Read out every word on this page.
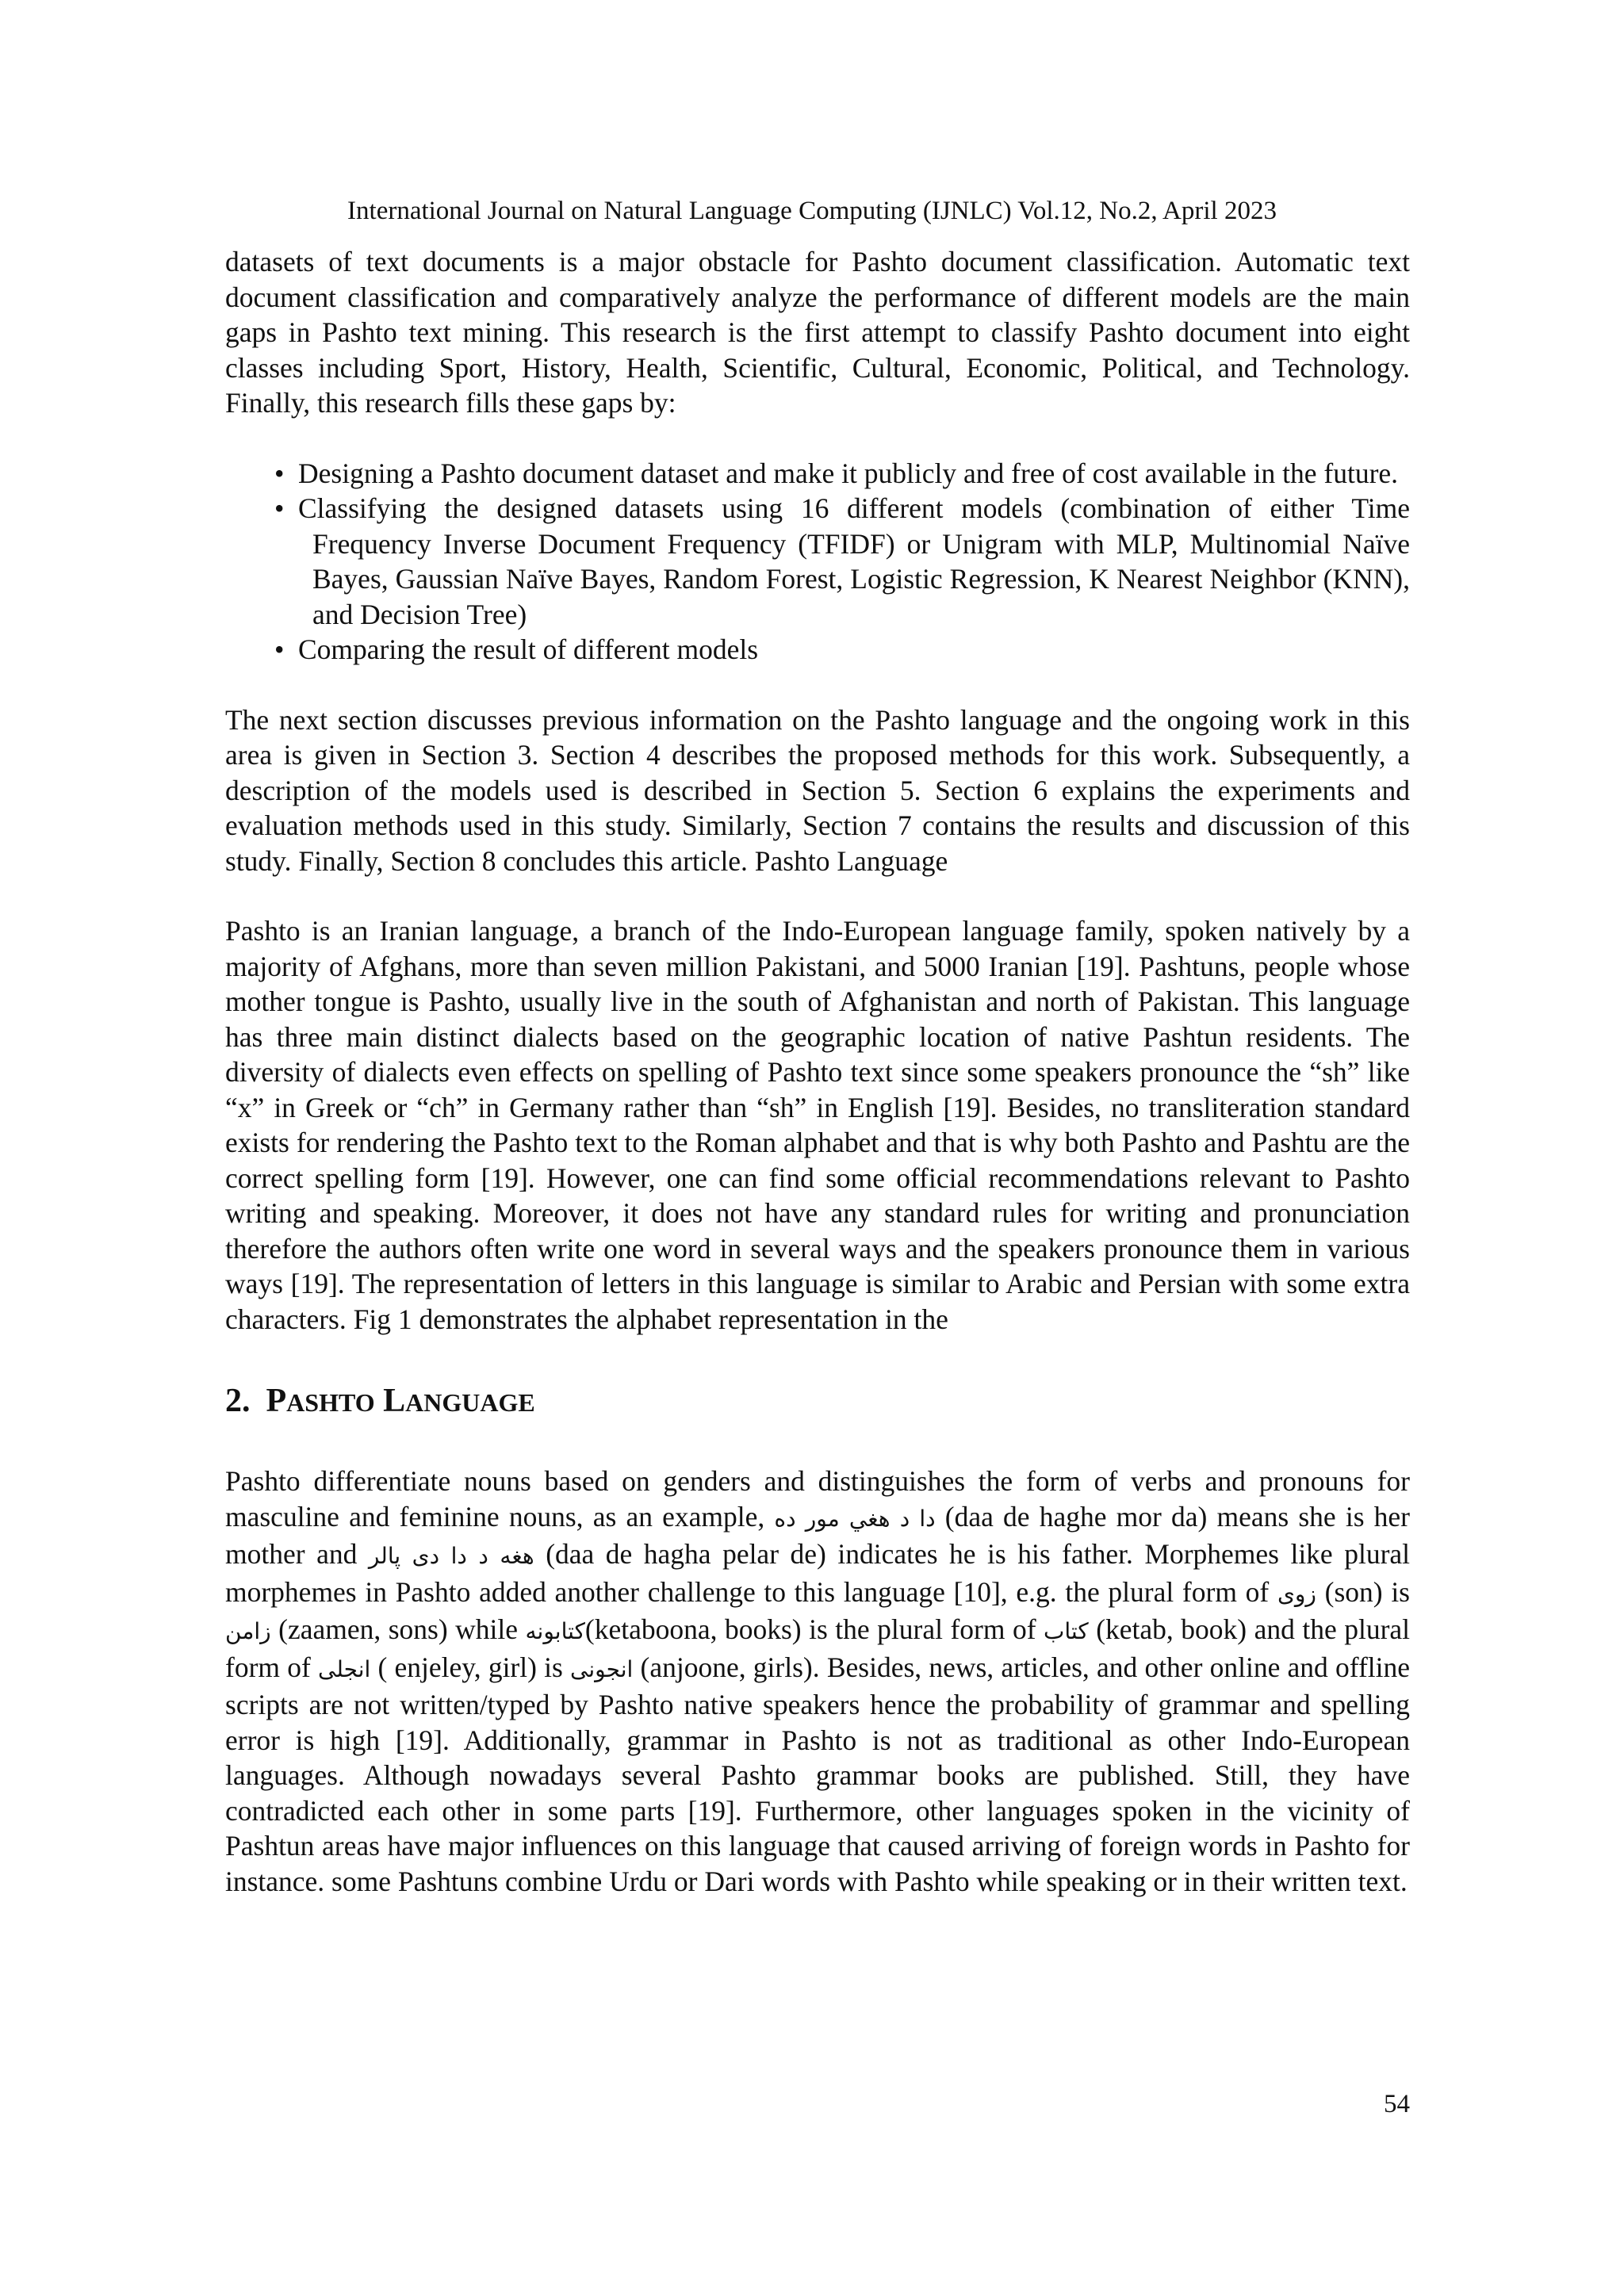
International Journal on Natural Language Computing (IJNLC) Vol.12, No.2, April 2023

datasets of text documents is a major obstacle for Pashto document classification. Automatic text document classification and comparatively analyze the performance of different models are the main gaps in Pashto text mining. This research is the first attempt to classify Pashto document into eight classes including Sport, History, Health, Scientific, Cultural, Economic, Political, and Technology. Finally, this research fills these gaps by:

• Designing a Pashto document dataset and make it publicly and free of cost available in the future.
• Classifying the designed datasets using 16 different models (combination of either Time Frequency Inverse Document Frequency (TFIDF) or Unigram with MLP, Multinomial Naïve Bayes, Gaussian Naïve Bayes, Random Forest, Logistic Regression, K Nearest Neighbor (KNN), and Decision Tree)
• Comparing the result of different models

The next section discusses previous information on the Pashto language and the ongoing work in this area is given in Section 3. Section 4 describes the proposed methods for this work. Subsequently, a description of the models used is described in Section 5. Section 6 explains the experiments and evaluation methods used in this study. Similarly, Section 7 contains the results and discussion of this study. Finally, Section 8 concludes this article. Pashto Language

Pashto is an Iranian language, a branch of the Indo-European language family, spoken natively by a majority of Afghans, more than seven million Pakistani, and 5000 Iranian [19]. Pashtuns, people whose mother tongue is Pashto, usually live in the south of Afghanistan and north of Pakistan. This language has three main distinct dialects based on the geographic location of native Pashtun residents. The diversity of dialects even effects on spelling of Pashto text since some speakers pronounce the “sh” like “x” in Greek or “ch” in Germany rather than “sh” in English [19]. Besides, no transliteration standard exists for rendering the Pashto text to the Roman alphabet and that is why both Pashto and Pashtu are the correct spelling form [19]. However, one can find some official recommendations relevant to Pashto writing and speaking. Moreover, it does not have any standard rules for writing and pronunciation therefore the authors often write one word in several ways and the speakers pronounce them in various ways [19]. The representation of letters in this language is similar to Arabic and Persian with some extra characters. Fig 1 demonstrates the alphabet representation in the

2. PASHTO LANGUAGE

Pashto differentiate nouns based on genders and distinguishes the form of verbs and pronouns for masculine and feminine nouns, as an example, دا د هغي مور ده (daa de haghe mor da) means she is her mother and هغه د دا دی پالر (daa de hagha pelar de) indicates he is his father. Morphemes like plural morphemes in Pashto added another challenge to this language [10], e.g. the plural form of زوی (son) is زامن (zaamen, sons) while کتابونه(ketaboona, books) is the plural form of کتاب (ketab, book) and the plural form of انجلی ( enjeley, girl) is انجونی (anjoone, girls). Besides, news, articles, and other online and offline scripts are not written/typed by Pashto native speakers hence the probability of grammar and spelling error is high [19]. Additionally, grammar in Pashto is not as traditional as other Indo-European languages. Although nowadays several Pashto grammar books are published. Still, they have contradicted each other in some parts [19]. Furthermore, other languages spoken in the vicinity of Pashtun areas have major influences on this language that caused arriving of foreign words in Pashto for instance. some Pashtuns combine Urdu or Dari words with Pashto while speaking or in their written text.

54
